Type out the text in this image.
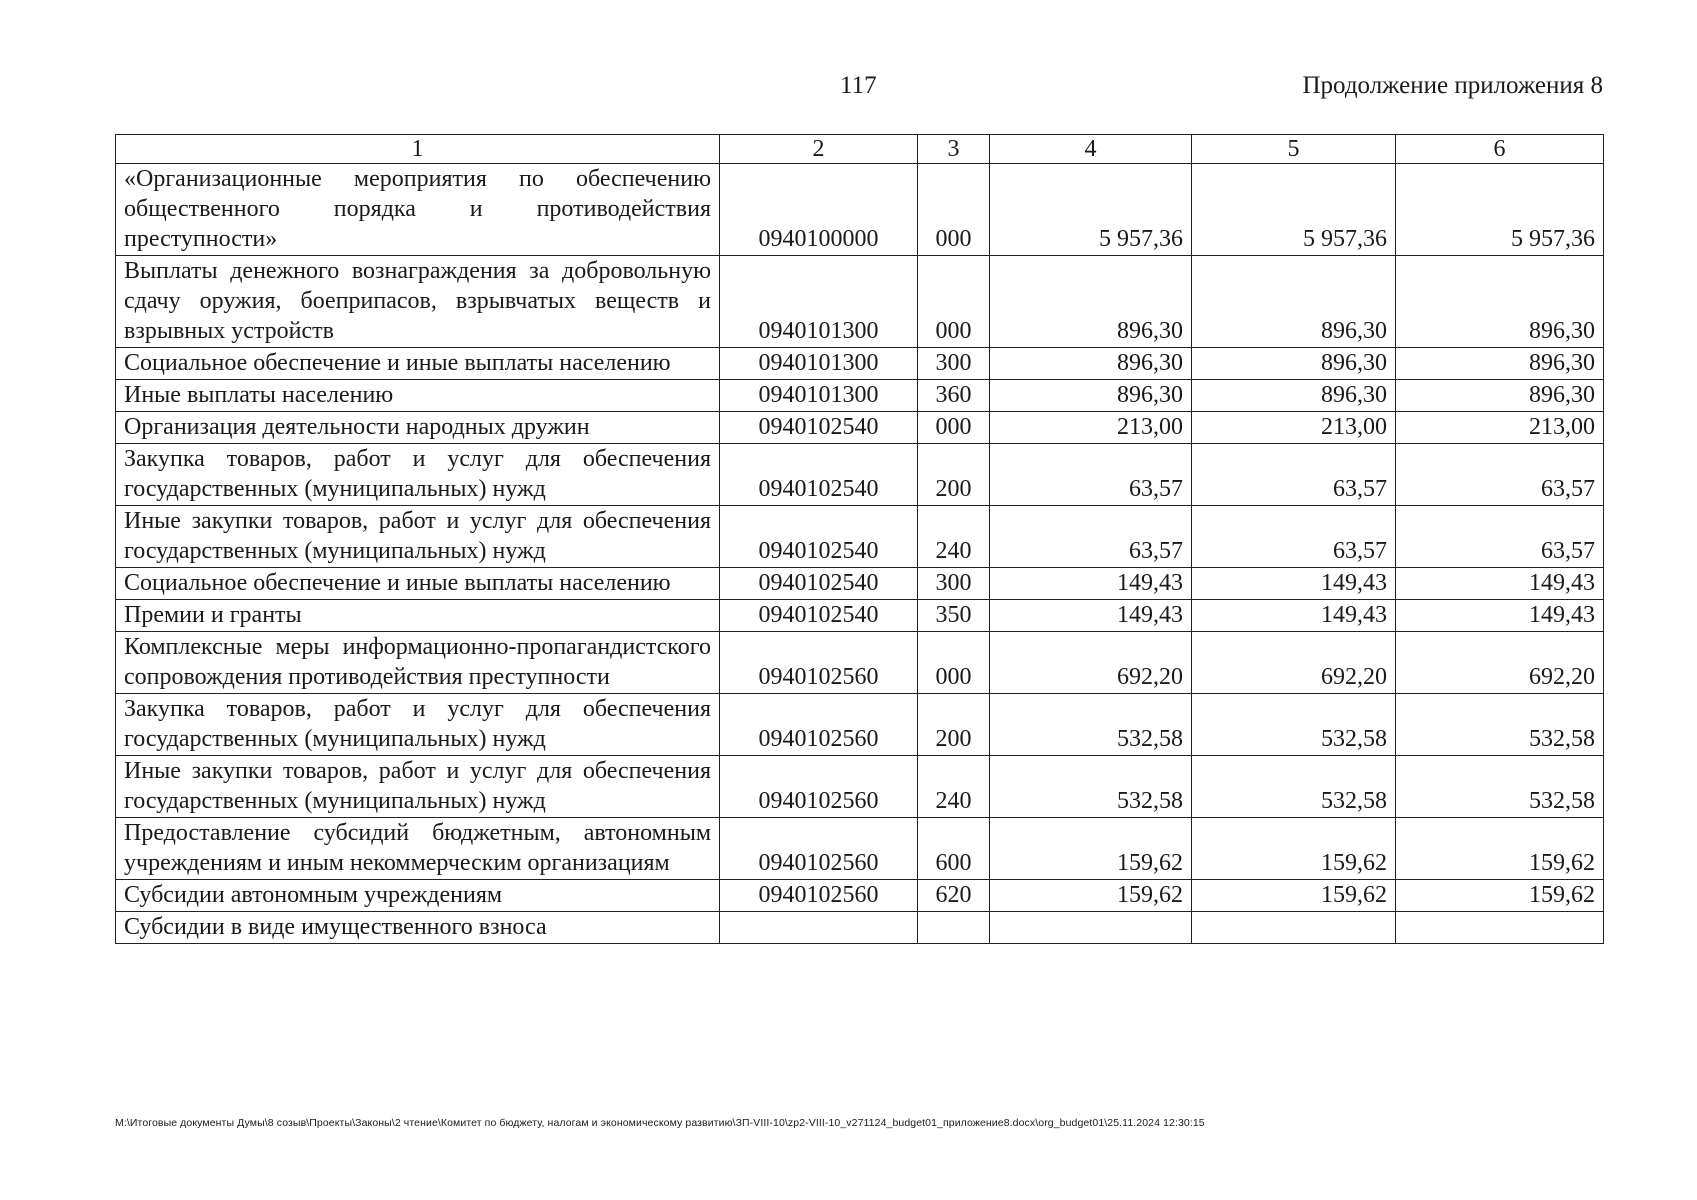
117	Продолжение приложения 8
1	2	3	4	5	6
«Организационные мероприятия по обеспечению общественного порядка и противодействия преступности»	0940100000	000	5 957,36	5 957,36	5 957,36
Выплаты денежного вознаграждения за добровольную сдачу оружия, боеприпасов, взрывчатых веществ и взрывных устройств	0940101300	000	896,30	896,30	896,30
Социальное обеспечение и иные выплаты населению	0940101300	300	896,30	896,30	896,30
Иные выплаты населению	0940101300	360	896,30	896,30	896,30
Организация деятельности народных дружин	0940102540	000	213,00	213,00	213,00
Закупка товаров, работ и услуг для обеспечения государственных (муниципальных) нужд	0940102540	200	63,57	63,57	63,57
Иные закупки товаров, работ и услуг для обеспечения государственных (муниципальных) нужд	0940102540	240	63,57	63,57	63,57
Социальное обеспечение и иные выплаты населению	0940102540	300	149,43	149,43	149,43
Премии и гранты	0940102540	350	149,43	149,43	149,43
Комплексные меры информационно-пропагандистского сопровождения противодействия преступности	0940102560	000	692,20	692,20	692,20
Закупка товаров, работ и услуг для обеспечения государственных (муниципальных) нужд	0940102560	200	532,58	532,58	532,58
Иные закупки товаров, работ и услуг для обеспечения государственных (муниципальных) нужд	0940102560	240	532,58	532,58	532,58
Предоставление субсидий бюджетным, автономным учреждениям и иным некоммерческим организациям	0940102560	600	159,62	159,62	159,62
Субсидии автономным учреждениям	0940102560	620	159,62	159,62	159,62
Субсидии в виде имущественного взноса					
M:\Итоговые документы Думы\8 созыв\Проекты\Законы\2 чтение\Комитет по бюджету, налогам и экономическому развитию\ЗП-VIII-10\zp2-VIII-10_v271124_budget01_приложение8.docx\org_budget01\25.11.2024 12:30:15
